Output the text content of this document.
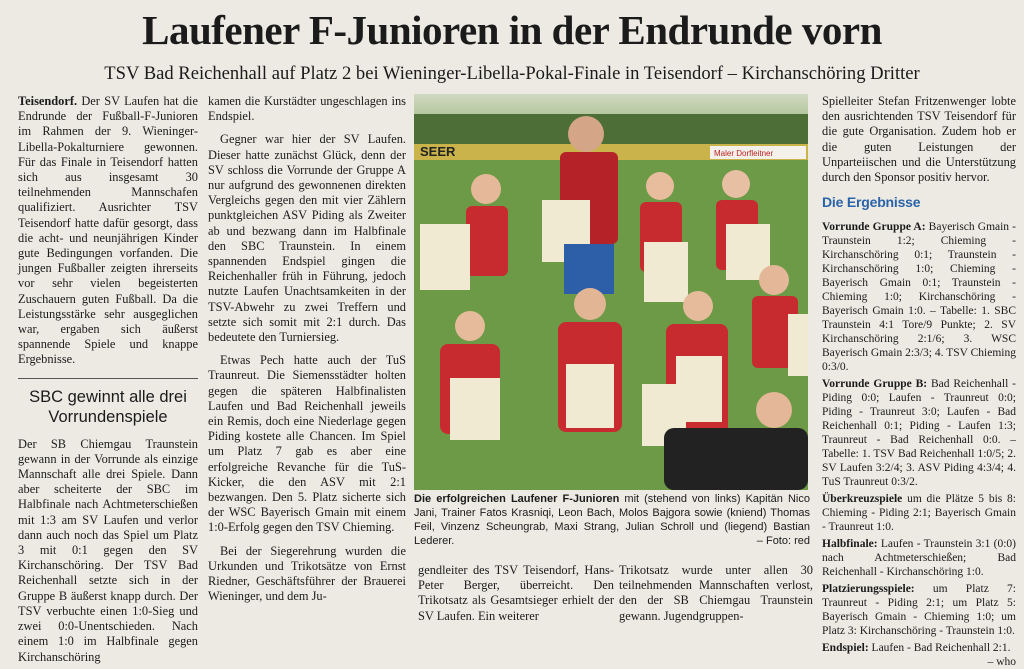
Laufener F-Junioren in der Endrunde vorn
TSV Bad Reichenhall auf Platz 2 bei Wieninger-Libella-Pokal-Finale in Teisendorf – Kirchanschöring Dritter

Teisendorf. Der SV Laufen hat die Endrunde der Fußball-F-Junioren im Rahmen der 9. Wieninger-Libella-Pokalturniere gewonnen. Für das Finale in Teisendorf hatten sich aus insgesamt 30 teilnehmenden Mannschafen qualifiziert. Ausrichter TSV Teisendorf hatte dafür gesorgt, dass die acht- und neunjährigen Kinder gute Bedingungen vorfanden. Die jungen Fußballer zeigten ihrerseits vor sehr vielen begeisterten Zuschauern guten Fußball. Da die Leistungsstärke sehr ausgeglichen war, ergaben sich äußerst spannende Spiele und knappe Ergebnisse.

SBC gewinnt alle drei Vorrundenspiele

Der SB Chiemgau Traunstein gewann in der Vorrunde als einzige Mannschaft alle drei Spiele. Dann aber scheiterte der SBC im Halbfinale nach Achtmeterschießen mit 1:3 am SV Laufen und verlor dann auch noch das Spiel um Platz 3 mit 0:1 gegen den SV Kirchanschöring. Der TSV Bad Reichenhall setzte sich in der Gruppe B äußerst knapp durch. Der TSV verbuchte einen 1:0-Sieg und zwei 0:0-Unentschieden. Nach einem 1:0 im Halbfinale gegen Kirchanschöring

kamen die Kurstädter ungeschlagen ins Endspiel.

Gegner war hier der SV Laufen. Dieser hatte zunächst Glück, denn der SV schloss die Vorrunde der Gruppe A nur aufgrund des gewonnenen direkten Vergleichs gegen den mit vier Zählern punktgleichen ASV Piding als Zweiter ab und bezwang dann im Halbfinale den SBC Traunstein. In einem spannenden Endspiel gingen die Reichenhaller früh in Führung, jedoch nutzte Laufen Unachtsamkeiten in der TSV-Abwehr zu zwei Treffern und setzte sich somit mit 2:1 durch. Das bedeutete den Turniersieg.

Etwas Pech hatte auch der TuS Traunreut. Die Siemensstädter holten gegen die späteren Halbfinalisten Laufen und Bad Reichenhall jeweils ein Remis, doch eine Niederlage gegen Piding kostete alle Chancen. Im Spiel um Platz 7 gab es aber eine erfolgreiche Revanche für die TuS-Kicker, die den ASV mit 2:1 bezwangen. Den 5. Platz sicherte sich der WSC Bayerisch Gmain mit einem 1:0-Erfolg gegen den TSV Chieming.

Bei der Siegerehrung wurden die Urkunden und Trikotsätze von Ernst Riedner, Geschäftsführer der Brauerei Wieninger, und dem Ju-

SEER	Maler Dorfleitner
Die erfolgreichen Laufener F-Junioren mit (stehend von links) Kapitän Nico Jani, Trainer Fatos Krasniqi, Leon Bach, Molos Bajgora sowie (kniend) Thomas Feil, Vinzenz Scheungrab, Maxi Strang, Julian Schroll und (liegend) Bastian Lederer.	– Foto: red

gendleiter des TSV Teisendorf, Hans-Peter Berger, überreicht. Den Trikotsatz als Gesamtsieger erhielt der SV Laufen. Ein weiterer

Trikotsatz wurde unter allen 30 teilnehmenden Mannschaften verlost, den der SB Chiemgau Traunstein gewann. Jugendgruppen-

Spielleiter Stefan Fritzenwenger lobte den ausrichtenden TSV Teisendorf für die gute Organisation. Zudem hob er die guten Leistungen der Unparteiischen und die Unterstützung durch den Sponsor positiv hervor.

Die Ergebnisse

Vorrunde Gruppe A: Bayerisch Gmain - Traunstein 1:2; Chieming - Kirchanschöring 0:1; Traunstein - Kirchanschöring 1:0; Chieming - Bayerisch Gmain 0:1; Traunstein - Chieming 1:0; Kirchanschöring - Bayerisch Gmain 1:0. – Tabelle: 1. SBC Traunstein 4:1 Tore/9 Punkte; 2. SV Kirchanschöring 2:1/6; 3. WSC Bayerisch Gmain 2:3/3; 4. TSV Chieming 0:3/0.

Vorrunde Gruppe B: Bad Reichenhall - Piding 0:0; Laufen - Traunreut 0:0; Piding - Traunreut 3:0; Laufen - Bad Reichenhall 0:1; Piding - Laufen 1:3; Traunreut - Bad Reichenhall 0:0. – Tabelle: 1. TSV Bad Reichenhall 1:0/5; 2. SV Laufen 3:2/4; 3. ASV Piding 4:3/4; 4. TuS Traunreut 0:3/2.

Überkreuzspiele um die Plätze 5 bis 8: Chieming - Piding 2:1; Bayerisch Gmain - Traunreut 1:0.

Halbfinale: Laufen - Traunstein 3:1 (0:0) nach Achtmeterschießen; Bad Reichenhall - Kirchanschöring 1:0.

Platzierungsspiele: um Platz 7: Traunreut - Piding 2:1; um Platz 5: Bayerisch Gmain - Chieming 1:0; um Platz 3: Kirchanschöring - Traunstein 1:0.

Endspiel: Laufen - Bad Reichenhall 2:1.
– who
